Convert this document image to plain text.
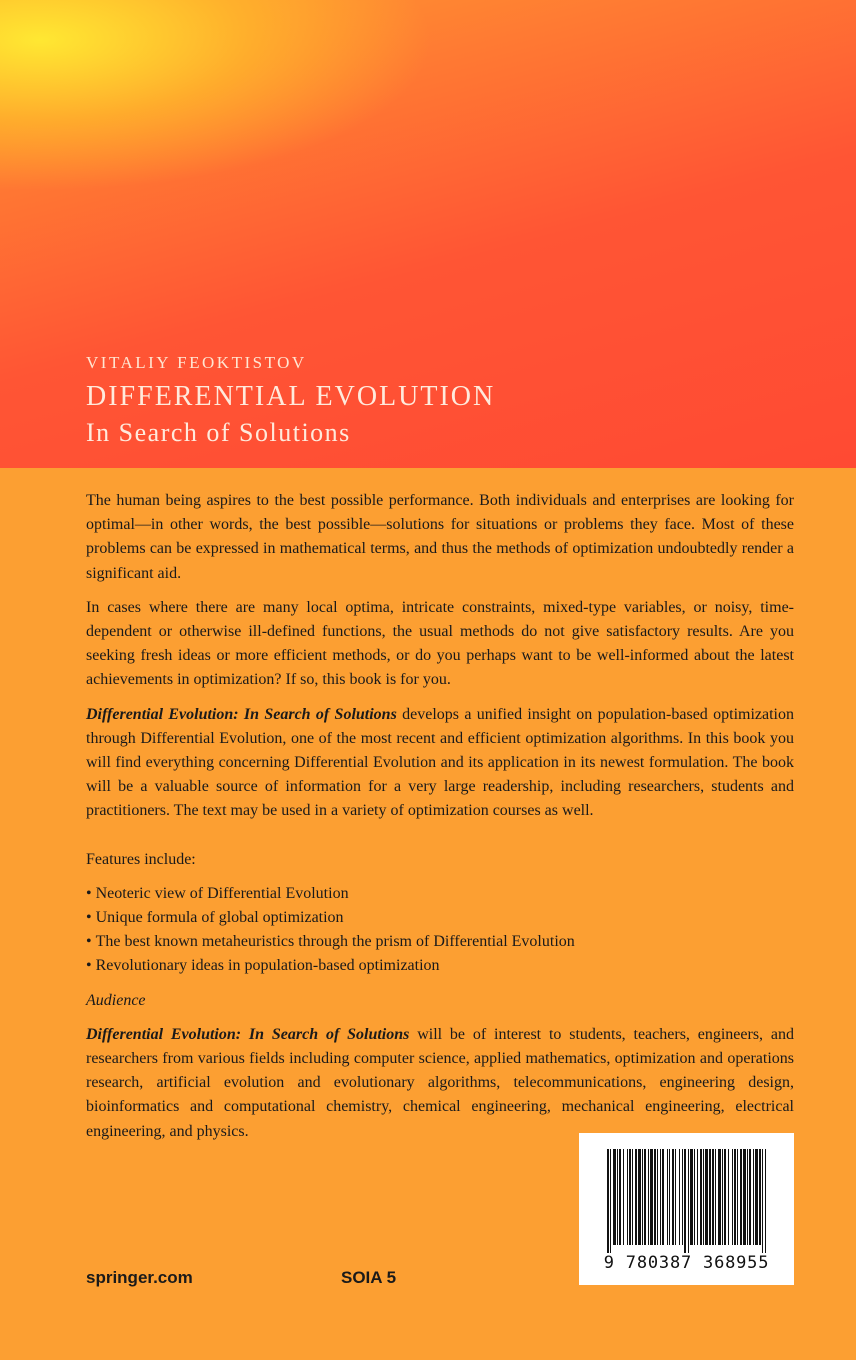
VITALIY FEOKTISTOV
DIFFERENTIAL EVOLUTION
In Search of Solutions

The human being aspires to the best possible performance. Both individuals and enterprises are looking for optimal—in other words, the best possible—solutions for situations or problems they face. Most of these problems can be expressed in mathematical terms, and thus the methods of optimization undoubtedly render a significant aid.

In cases where there are many local optima, intricate constraints, mixed-type variables, or noisy, time-dependent or otherwise ill-defined functions, the usual methods do not give satisfactory results. Are you seeking fresh ideas or more efficient methods, or do you perhaps want to be well-informed about the latest achievements in optimization? If so, this book is for you.

Differential Evolution: In Search of Solutions develops a unified insight on population-based optimization through Differential Evolution, one of the most recent and efficient optimization algorithms. In this book you will find everything concerning Differential Evolution and its application in its newest formulation. The book will be a valuable source of information for a very large readership, including researchers, students and practitioners. The text may be used in a variety of optimization courses as well.

Features include:

• Neoteric view of Differential Evolution
• Unique formula of global optimization
• The best known metaheuristics through the prism of Differential Evolution
• Revolutionary ideas in population-based optimization

Audience

Differential Evolution: In Search of Solutions will be of interest to students, teachers, engineers, and researchers from various fields including computer science, applied mathematics, optimization and operations research, artificial evolution and evolutionary algorithms, telecommunications, engineering design, bioinformatics and computational chemistry, chemical engineering, mechanical engineering, electrical engineering, and physics.

9 780387 368955
springer.com	SOIA 5
